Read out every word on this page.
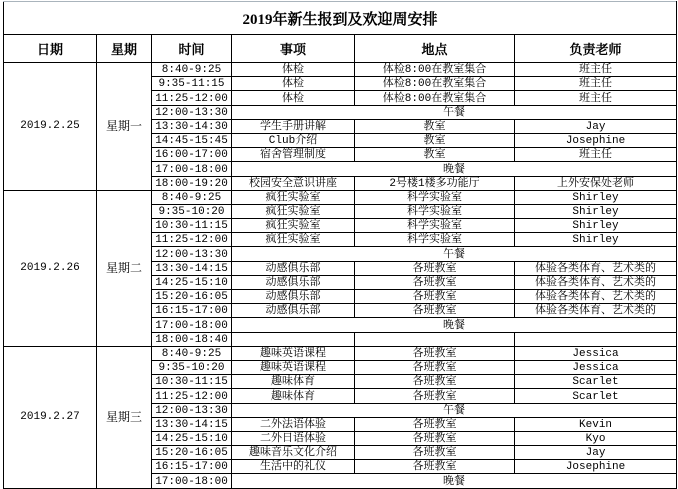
2019年新生报到及欢迎周安排					
日期	星期	时间	事项	地点	负责老师
2019.2.25	星期一	8:40-9:25	体检	体检8:00在教室集合	班主任
		9:35-11:15	体检	体检8:00在教室集合	班主任
		11:25-12:00	体检	体检8:00在教室集合	班主任
		12:00-13:30	午餐		
		13:30-14:30	学生手册讲解	教室	Jay
		14:45-15:45	Club介绍	教室	Josephine
		16:00-17:00	宿舍管理制度	教室	班主任
		17:00-18:00	晚餐		
		18:00-19:20	校园安全意识讲座	2号楼1楼多功能厅	上外安保处老师
2019.2.26	星期二	8:40-9:25	疯狂实验室	科学实验室	Shirley
		9:35-10:20	疯狂实验室	科学实验室	Shirley
		10:30-11:15	疯狂实验室	科学实验室	Shirley
		11:25-12:00	疯狂实验室	科学实验室	Shirley
		12:00-13:30	午餐		
		13:30-14:15	动感俱乐部	各班教室	体验各类体育、艺术类的
		14:25-15:10	动感俱乐部	各班教室	体验各类体育、艺术类的
		15:20-16:05	动感俱乐部	各班教室	体验各类体育、艺术类的
		16:15-17:00	动感俱乐部	各班教室	体验各类体育、艺术类的
		17:00-18:00	晚餐		
		18:00-18:40			
2019.2.27	星期三	8:40-9:25	趣味英语课程	各班教室	Jessica
		9:35-10:20	趣味英语课程	各班教室	Jessica
		10:30-11:15	趣味体育	各班教室	Scarlet
		11:25-12:00	趣味体育	各班教室	Scarlet
		12:00-13:30	午餐		
		13:30-14:15	二外法语体验	各班教室	Kevin
		14:25-15:10	二外日语体验	各班教室	Kyo
		15:20-16:05	趣味音乐文化介绍	各班教室	Jay
		16:15-17:00	生活中的礼仪	各班教室	Josephine
		17:00-18:00	晚餐		
